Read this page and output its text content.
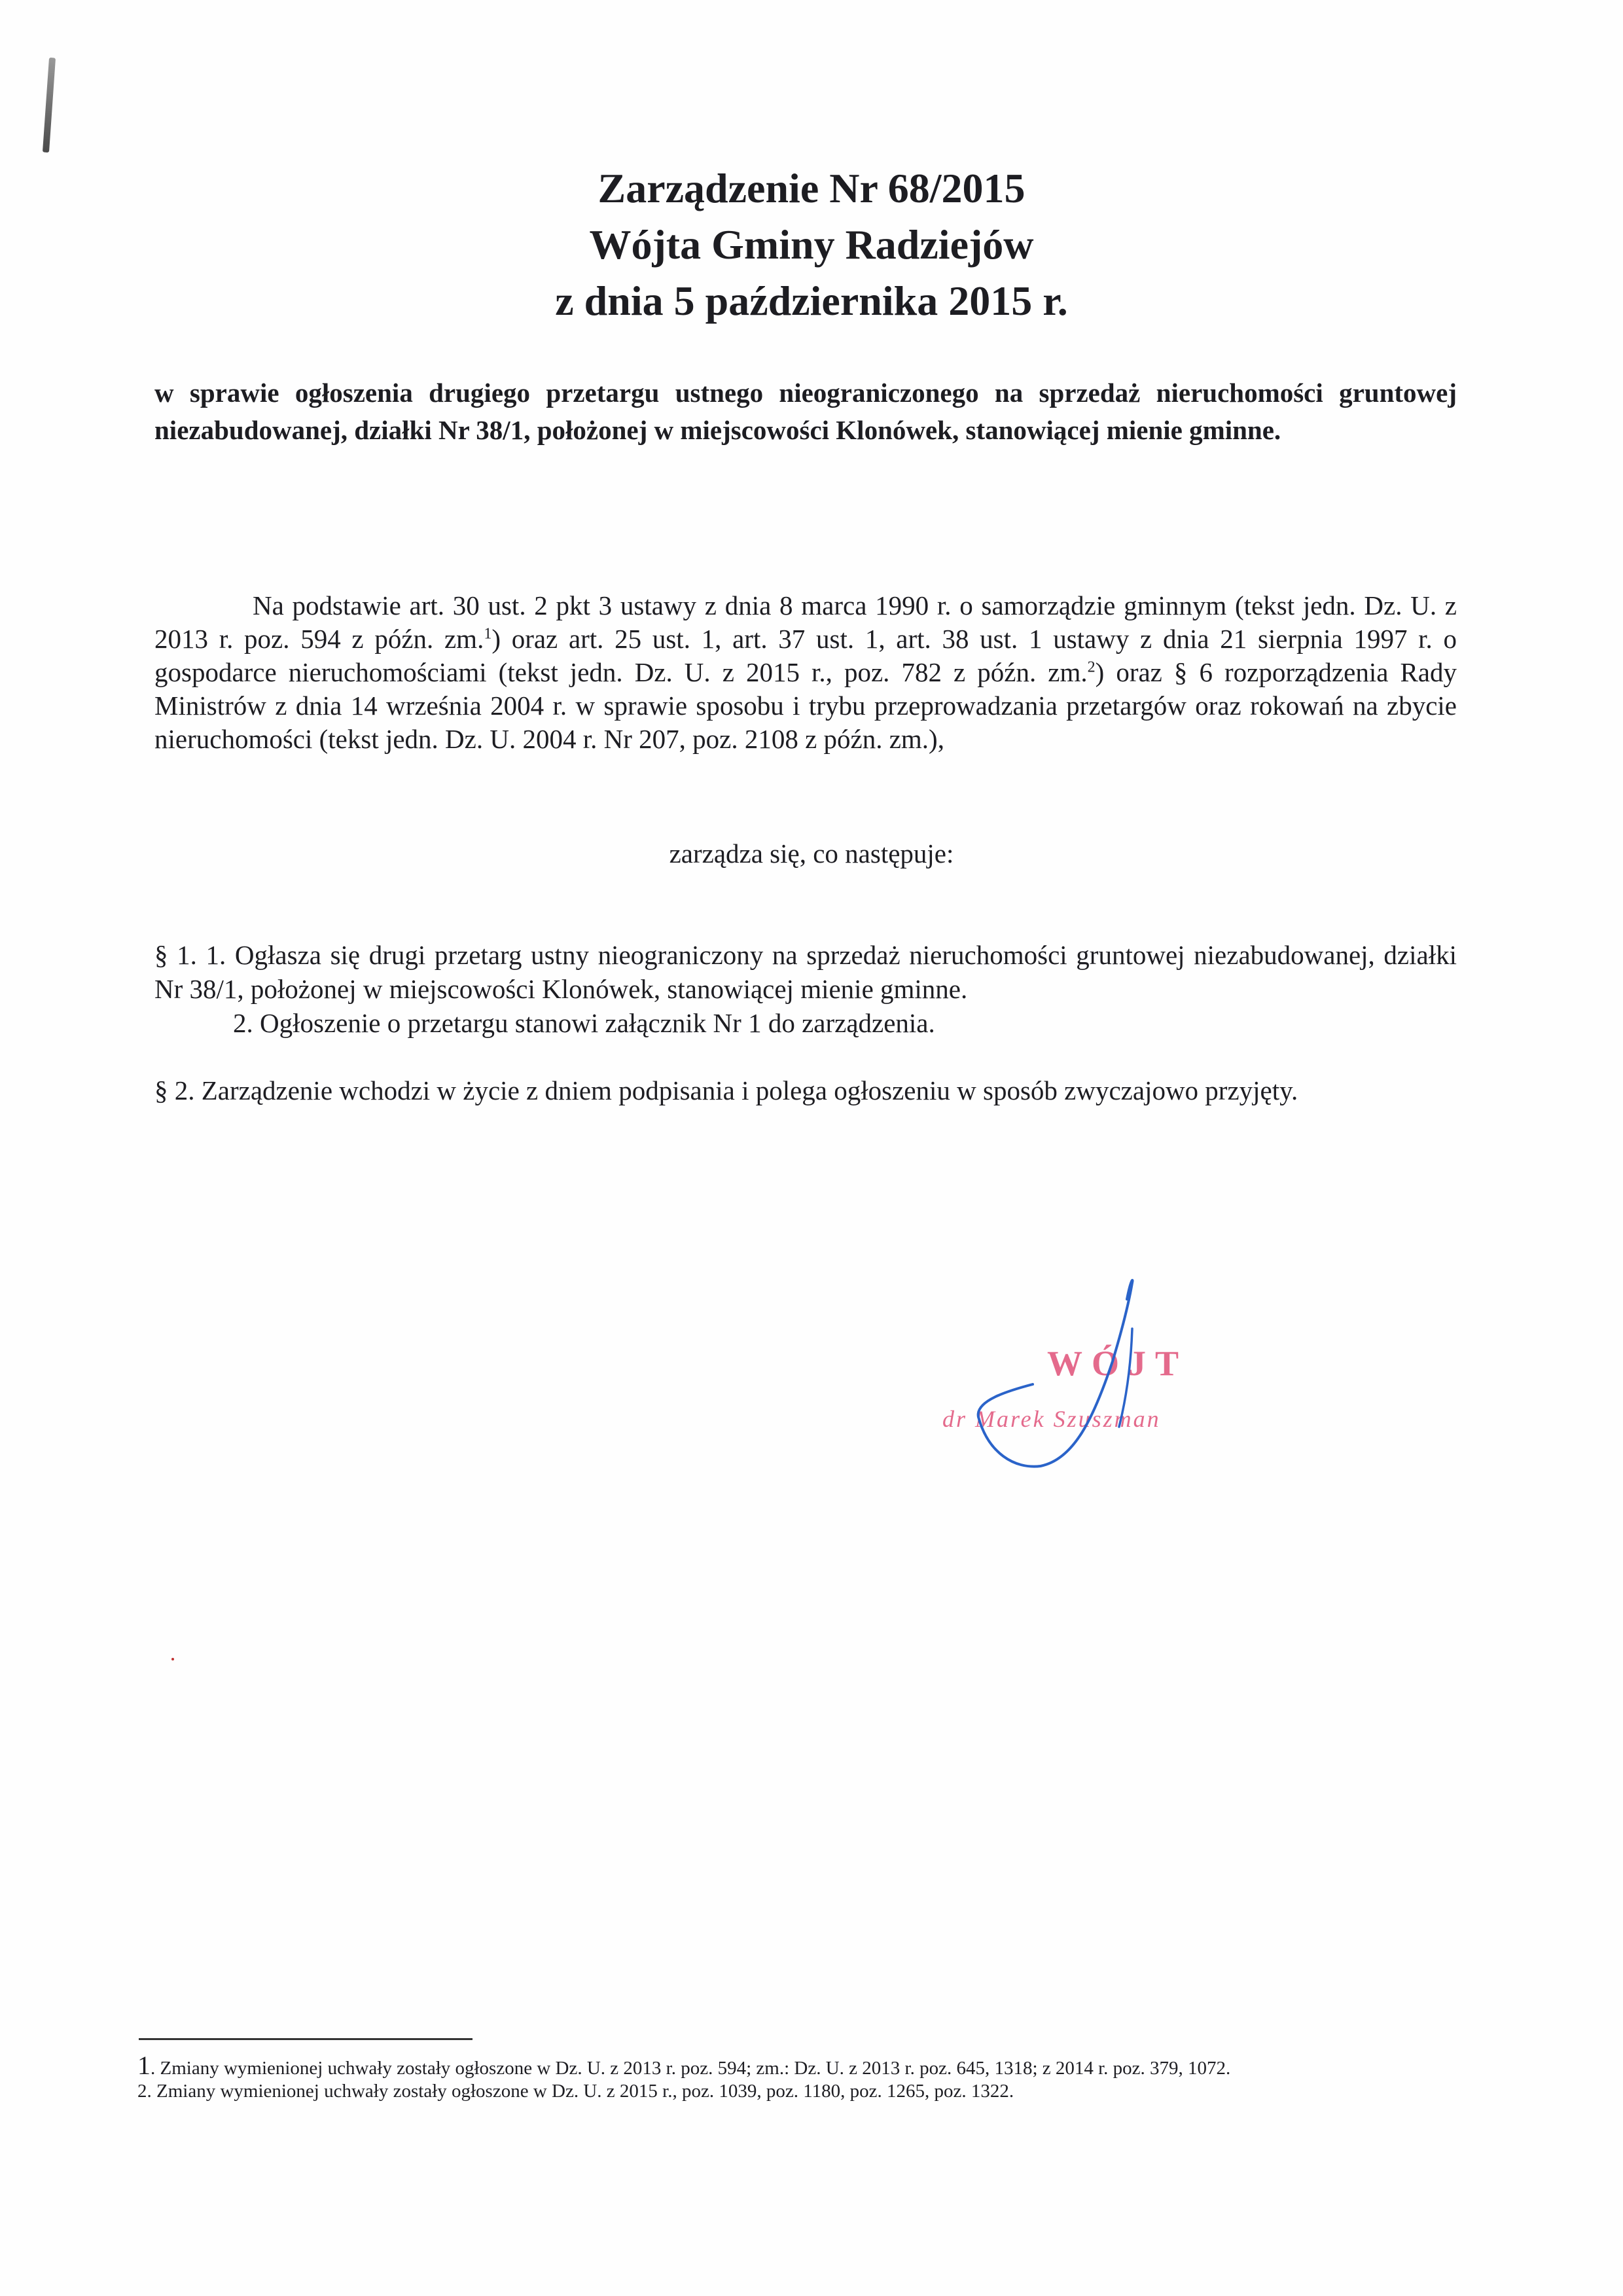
Zarządzenie Nr 68/2015
Wójta Gminy Radziejów
z dnia 5 października 2015 r.
w sprawie ogłoszenia drugiego przetargu ustnego nieograniczonego na sprzedaż nieruchomości gruntowej niezabudowanej, działki Nr 38/1, położonej w miejscowości Klonówek, stanowiącej mienie gminne.
Na podstawie art. 30 ust. 2 pkt 3 ustawy z dnia 8 marca 1990 r. o samorządzie gminnym (tekst jedn. Dz. U. z 2013 r. poz. 594 z późn. zm.$^1$) oraz art. 25 ust. 1, art. 37 ust. 1, art. 38 ust. 1 ustawy z dnia 21 sierpnia 1997 r. o gospodarce nieruchomościami (tekst jedn. Dz. U. z 2015 r., poz. 782 z późn. zm.$^2$) oraz § 6 rozporządzenia Rady Ministrów z dnia 14 września 2004 r. w sprawie sposobu i trybu przeprowadzania przetargów oraz rokowań na zbycie nieruchomości (tekst jedn. Dz. U. 2004 r. Nr 207, poz. 2108 z późn. zm.),
zarządza się, co następuje:
§ 1. 1. Ogłasza się drugi przetarg ustny nieograniczony na sprzedaż nieruchomości gruntowej niezabudowanej, działki Nr 38/1, położonej w miejscowości Klonówek, stanowiącej mienie gminne.
2. Ogłoszenie o przetargu stanowi załącznik Nr 1 do zarządzenia.
§ 2. Zarządzenie wchodzi w życie z dniem podpisania i polega ogłoszeniu w sposób zwyczajowo przyjęty.
WÓJT
dr Marek Szuszman
1. Zmiany wymienionej uchwały zostały ogłoszone w Dz. U. z 2013 r. poz. 594; zm.: Dz. U. z 2013 r. poz. 645, 1318; z 2014 r. poz. 379, 1072.
2. Zmiany wymienionej uchwały zostały ogłoszone w Dz. U. z 2015 r., poz. 1039, poz. 1180, poz. 1265, poz. 1322.
